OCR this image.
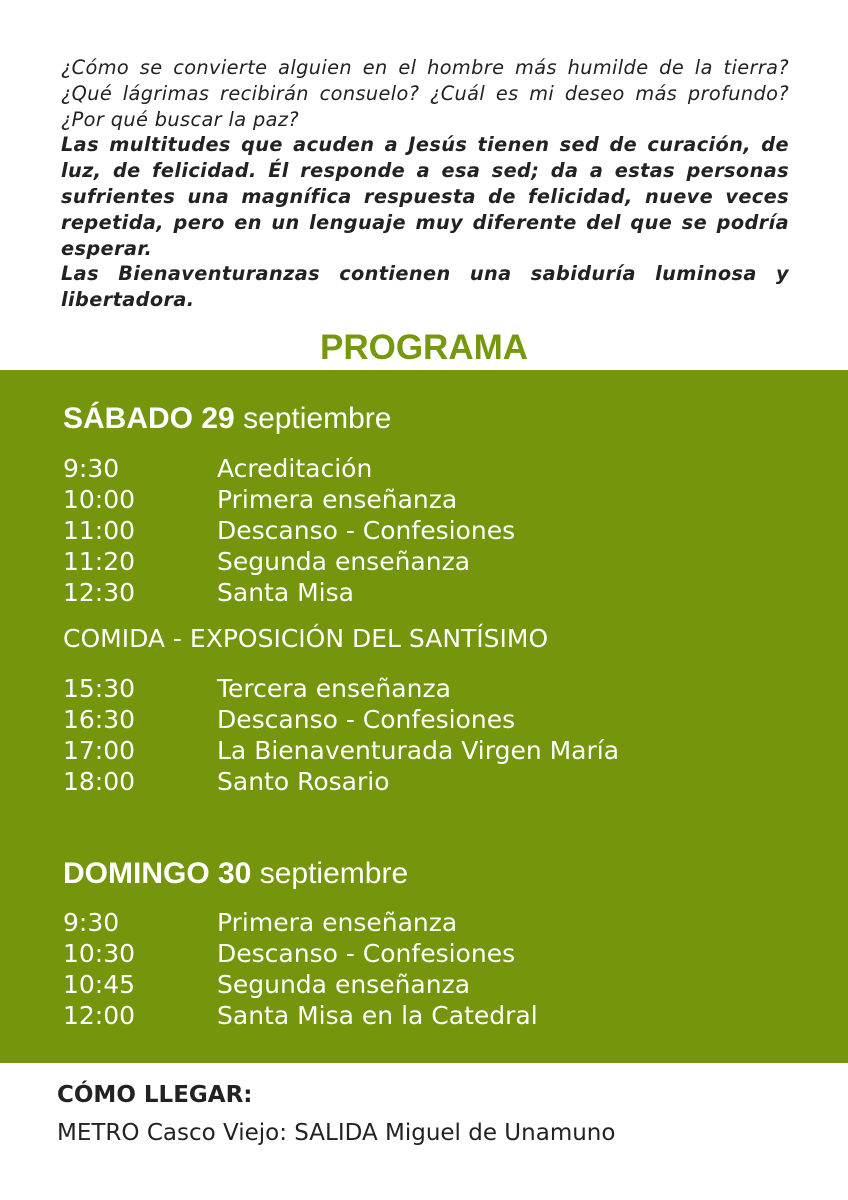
¿Cómo se convierte alguien en el hombre más humilde de la tierra? ¿Qué lágrimas recibirán consuelo? ¿Cuál es mi deseo más profundo? ¿Por qué buscar la paz?

Las multitudes que acuden a Jesús tienen sed de curación, de luz, de felicidad. Él responde a esa sed; da a estas personas sufrientes una magnífica respuesta de felicidad, nueve veces repetida, pero en un lenguaje muy diferente del que se podría esperar.

Las Bienaventuranzas contienen una sabiduría luminosa y libertadora.

PROGRAMA
SÁBADO 29 septiembre
9:30	Acreditación
10:00	Primera enseñanza
11:00	Descanso - Confesiones
11:20	Segunda enseñanza
12:30	Santa Misa
COMIDA - EXPOSICIÓN DEL SANTÍSIMO
15:30	Tercera enseñanza
16:30	Descanso - Confesiones
17:00	La Bienaventurada Virgen María
18:00	Santo Rosario
DOMINGO 30 septiembre
9:30	Primera enseñanza
10:30	Descanso - Confesiones
10:45	Segunda enseñanza
12:00	Santa Misa en la Catedral
CÓMO LLEGAR:
METRO Casco Viejo: SALIDA Miguel de Unamuno
